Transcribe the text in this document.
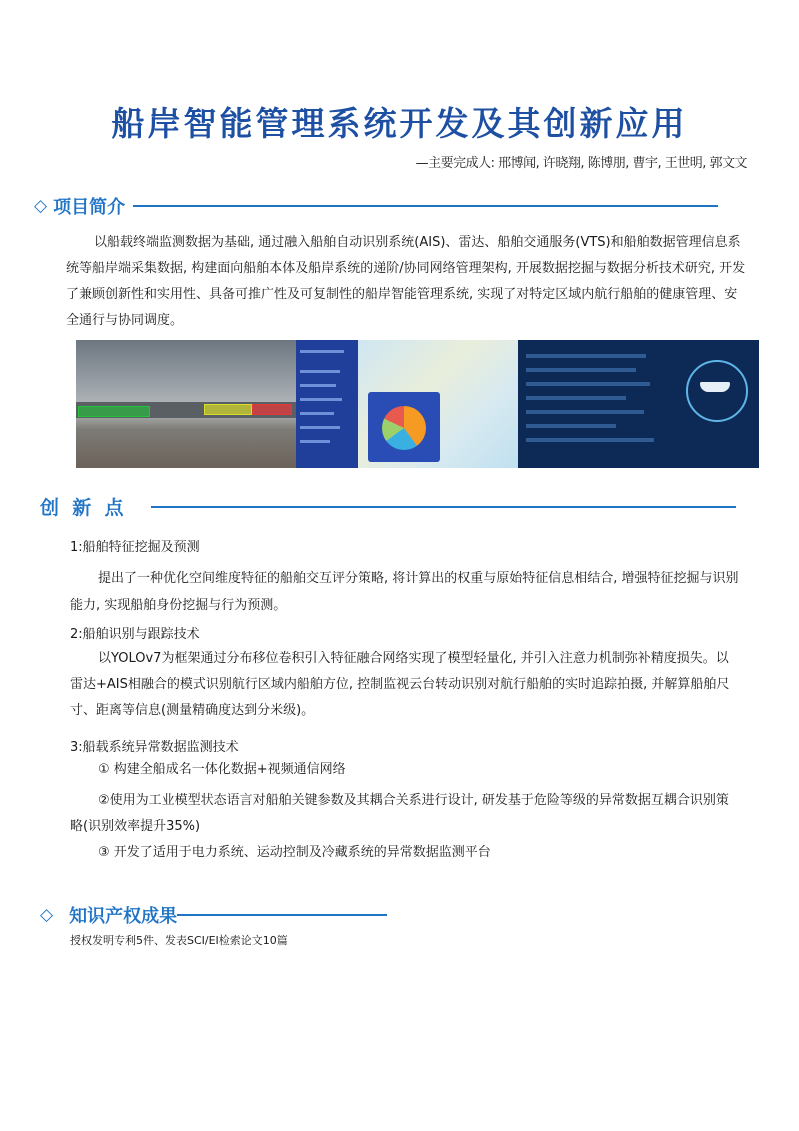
船岸智能管理系统开发及其创新应用
—主要完成人: 邢博闻, 许晓翔, 陈博朋, 曹宇, 王世明, 郭文文
◇ 项目简介
以船载终端监测数据为基础, 通过融入船舶自动识别系统(AIS)、雷达、船舶交通服务(VTS)和船舶数据管理信息系统等船岸端采集数据, 构建面向船舶本体及船岸系统的递阶/协同网络管理架构, 开展数据挖掘与数据分析技术研究, 开发了兼顾创新性和实用性、具备可推广性及可复制性的船岸智能管理系统, 实现了对特定区域内航行船舶的健康管理、安全通行与协同调度。
创  新  点
1:船舶特征挖掘及预测
提出了一种优化空间维度特征的船舶交互评分策略, 将计算出的权重与原始特征信息相结合, 增强特征挖掘与识别能力, 实现船舶身份挖掘与行为预测。
2:船舶识别与跟踪技术
以YOLOv7为框架通过分布移位卷积引入特征融合网络实现了模型轻量化, 并引入注意力机制弥补精度损失。以雷达+AIS相融合的模式识别航行区域内船舶方位, 控制监视云台转动识别对航行船舶的实时追踪拍摄, 并解算船舶尺寸、距离等信息(测量精确度达到分米级)。
3:船载系统异常数据监测技术
① 构建全船成名一体化数据+视频通信网络
②使用为工业模型状态语言对船舶关键参数及其耦合关系进行设计, 研发基于危险等级的异常数据互耦合识别策略(识别效率提升35%)
③ 开发了适用于电力系统、运动控制及冷藏系统的异常数据监测平台
◇ 知识产权成果
授权发明专利5件、发表SCI/EI检索论文10篇
